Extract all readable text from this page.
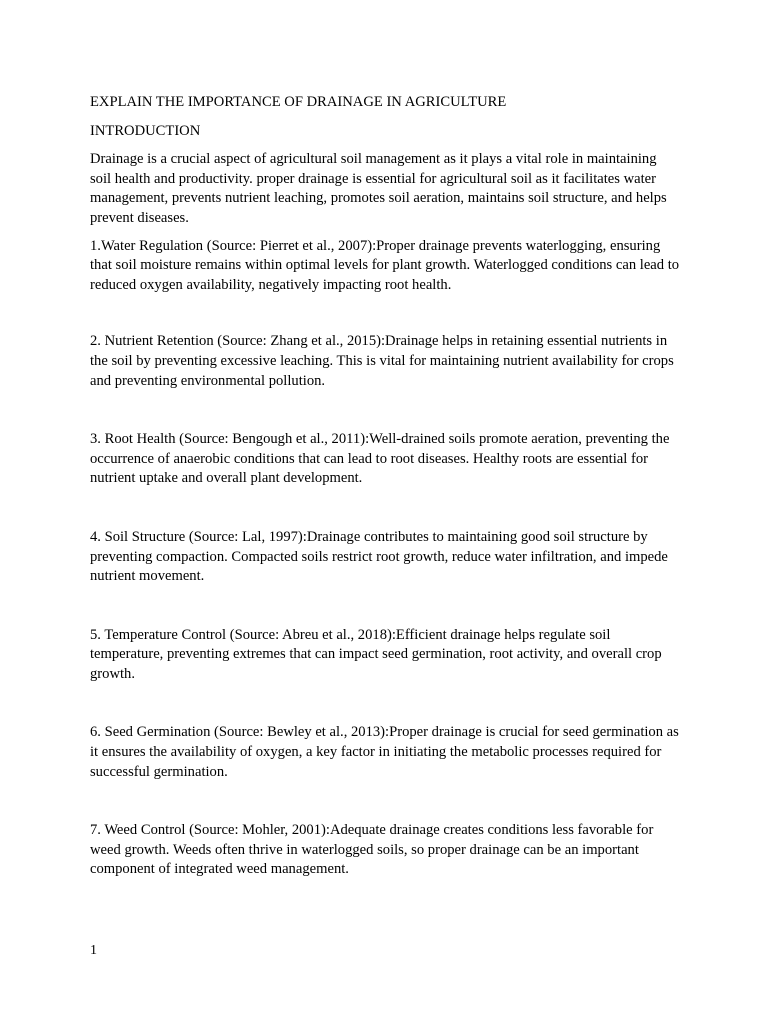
EXPLAIN THE IMPORTANCE OF DRAINAGE IN AGRICULTURE

INTRODUCTION

Drainage is a crucial aspect of agricultural soil management as it plays a vital role in maintaining soil health and productivity. proper drainage is essential for agricultural soil as it facilitates water management, prevents nutrient leaching, promotes soil aeration, maintains soil structure, and helps prevent diseases.

1.Water Regulation (Source: Pierret et al., 2007):Proper drainage prevents waterlogging, ensuring that soil moisture remains within optimal levels for plant growth. Waterlogged conditions can lead to reduced oxygen availability, negatively impacting root health.

2. Nutrient Retention (Source: Zhang et al., 2015):Drainage helps in retaining essential nutrients in the soil by preventing excessive leaching. This is vital for maintaining nutrient availability for crops and preventing environmental pollution.

3. Root Health (Source: Bengough et al., 2011):Well-drained soils promote aeration, preventing the occurrence of anaerobic conditions that can lead to root diseases. Healthy roots are essential for nutrient uptake and overall plant development.

4. Soil Structure (Source: Lal, 1997):Drainage contributes to maintaining good soil structure by preventing compaction. Compacted soils restrict root growth, reduce water infiltration, and impede nutrient movement.

5. Temperature Control (Source: Abreu et al., 2018):Efficient drainage helps regulate soil temperature, preventing extremes that can impact seed germination, root activity, and overall crop growth.

6. Seed Germination (Source: Bewley et al., 2013):Proper drainage is crucial for seed germination as it ensures the availability of oxygen, a key factor in initiating the metabolic processes required for successful germination.

7. Weed Control (Source: Mohler, 2001):Adequate drainage creates conditions less favorable for weed growth. Weeds often thrive in waterlogged soils, so proper drainage can be an important component of integrated weed management.

1
